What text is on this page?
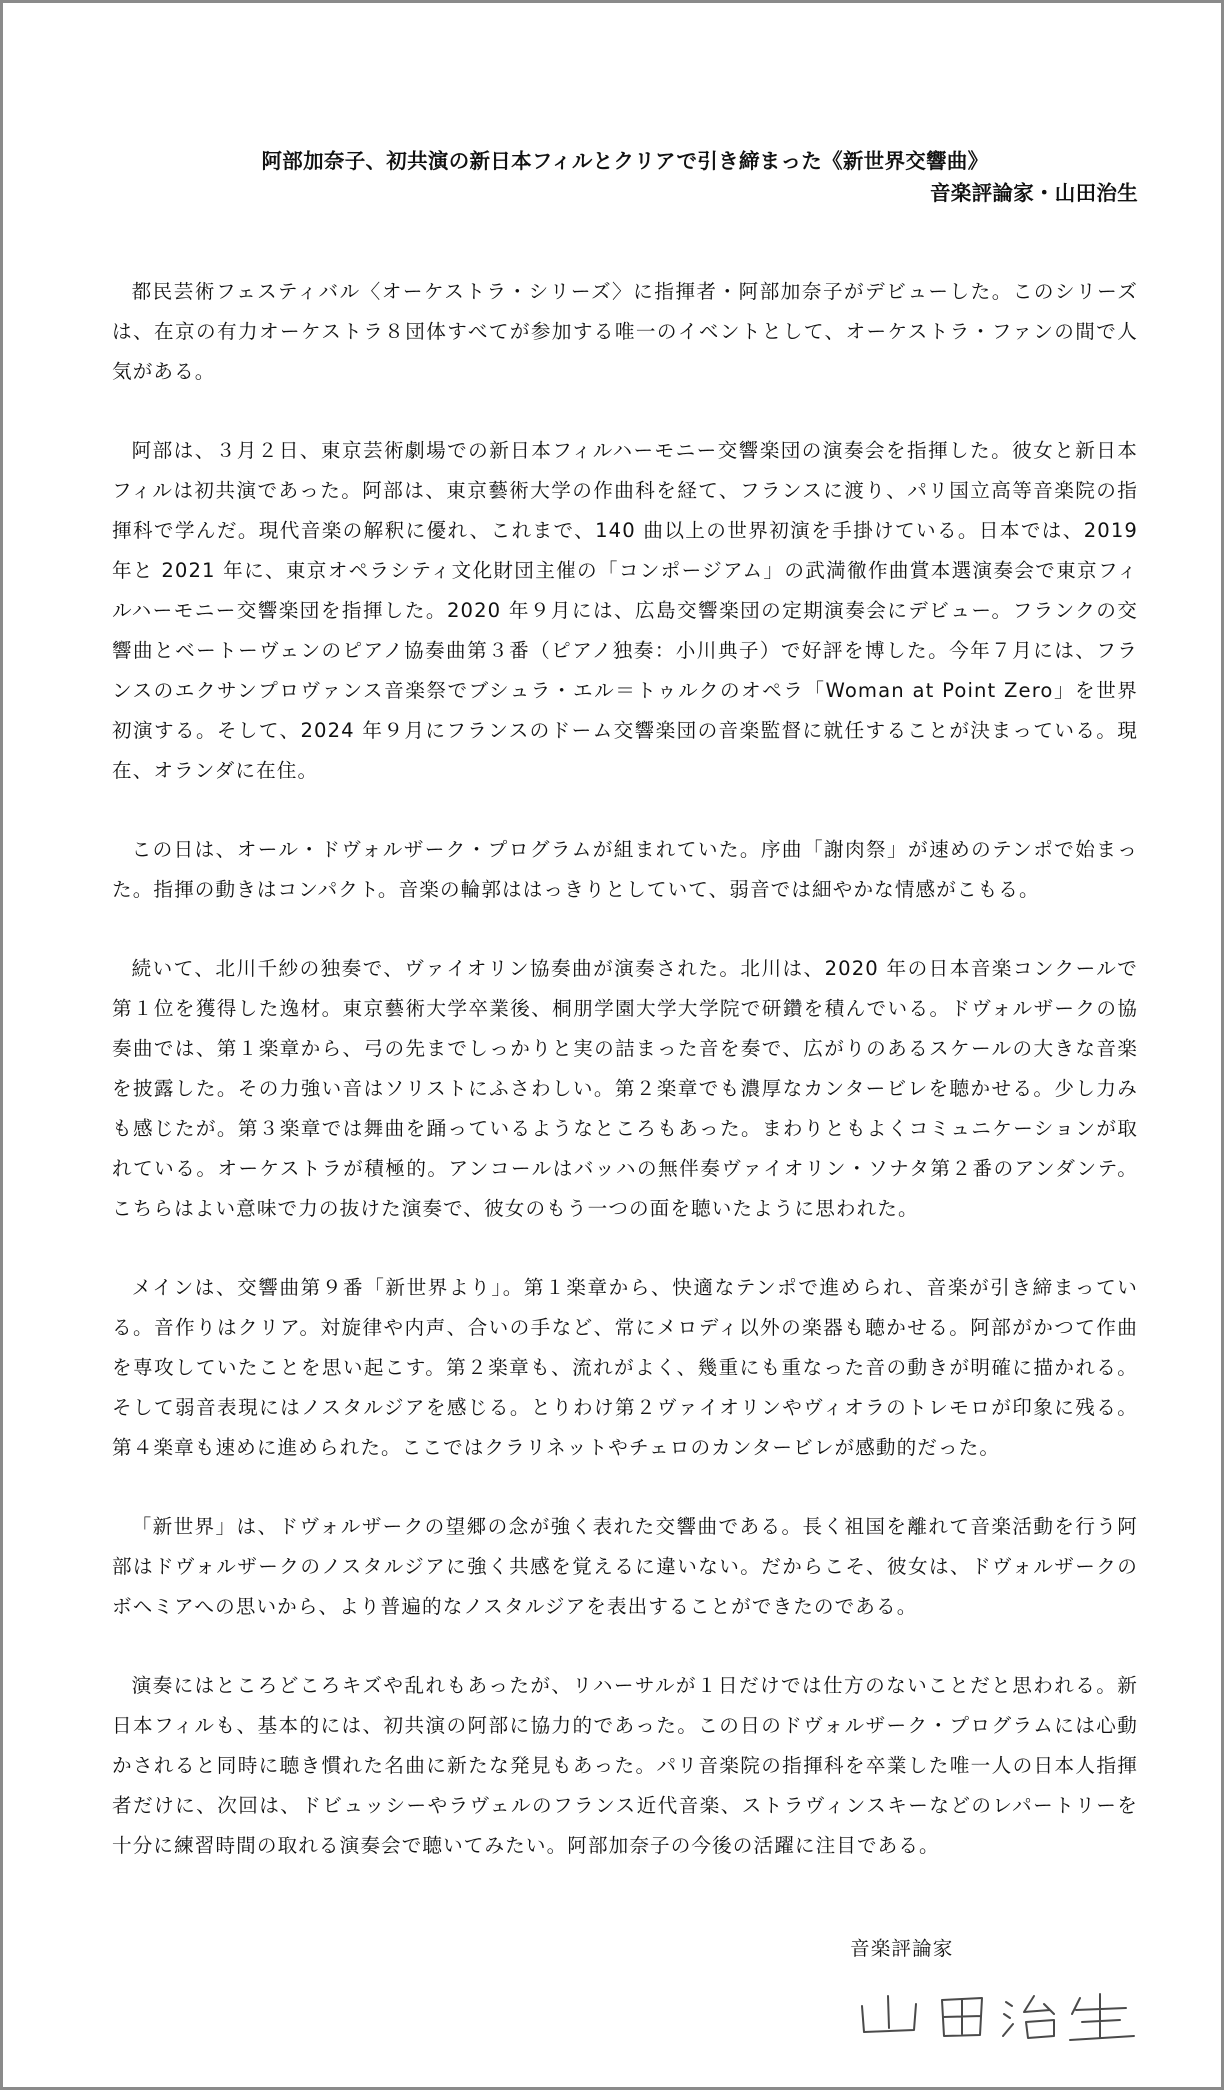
阿部加奈子、初共演の新日本フィルとクリアで引き締まった《新世界交響曲》

音楽評論家・山田治生

都民芸術フェスティバル〈オーケストラ・シリーズ〉に指揮者・阿部加奈子がデビューした。このシリーズは、在京の有力オーケストラ８団体すべてが参加する唯一のイベントとして、オーケストラ・ファンの間で人気がある。

阿部は、３月２日、東京芸術劇場での新日本フィルハーモニー交響楽団の演奏会を指揮した。彼女と新日本フィルは初共演であった。阿部は、東京藝術大学の作曲科を経て、フランスに渡り、パリ国立高等音楽院の指揮科で学んだ。現代音楽の解釈に優れ、これまで、140 曲以上の世界初演を手掛けている。日本では、2019 年と 2021 年に、東京オペラシティ文化財団主催の「コンポージアム」の武満徹作曲賞本選演奏会で東京フィルハーモニー交響楽団を指揮した。2020 年９月には、広島交響楽団の定期演奏会にデビュー。フランクの交響曲とベートーヴェンのピアノ協奏曲第３番（ピアノ独奏：小川典子）で好評を博した。今年７月には、フランスのエクサンプロヴァンス音楽祭でブシュラ・エル＝トゥルクのオペラ「Woman at Point Zero」を世界初演する。そして、2024 年９月にフランスのドーム交響楽団の音楽監督に就任することが決まっている。現在、オランダに在住。

この日は、オール・ドヴォルザーク・プログラムが組まれていた。序曲「謝肉祭」が速めのテンポで始まった。指揮の動きはコンパクト。音楽の輪郭ははっきりとしていて、弱音では細やかな情感がこもる。

続いて、北川千紗の独奏で、ヴァイオリン協奏曲が演奏された。北川は、2020 年の日本音楽コンクールで第１位を獲得した逸材。東京藝術大学卒業後、桐朋学園大学大学院で研鑽を積んでいる。ドヴォルザークの協奏曲では、第１楽章から、弓の先までしっかりと実の詰まった音を奏で、広がりのあるスケールの大きな音楽を披露した。その力強い音はソリストにふさわしい。第２楽章でも濃厚なカンタービレを聴かせる。少し力みも感じたが。第３楽章では舞曲を踊っているようなところもあった。まわりともよくコミュニケーションが取れている。オーケストラが積極的。アンコールはバッハの無伴奏ヴァイオリン・ソナタ第２番のアンダンテ。こちらはよい意味で力の抜けた演奏で、彼女のもう一つの面を聴いたように思われた。

メインは、交響曲第９番「新世界より」。第１楽章から、快適なテンポで進められ、音楽が引き締まっている。音作りはクリア。対旋律や内声、合いの手など、常にメロディ以外の楽器も聴かせる。阿部がかつて作曲を専攻していたことを思い起こす。第２楽章も、流れがよく、幾重にも重なった音の動きが明確に描かれる。そして弱音表現にはノスタルジアを感じる。とりわけ第２ヴァイオリンやヴィオラのトレモロが印象に残る。第４楽章も速めに進められた。ここではクラリネットやチェロのカンタービレが感動的だった。

「新世界」は、ドヴォルザークの望郷の念が強く表れた交響曲である。長く祖国を離れて音楽活動を行う阿部はドヴォルザークのノスタルジアに強く共感を覚えるに違いない。だからこそ、彼女は、ドヴォルザークのボヘミアへの思いから、より普遍的なノスタルジアを表出することができたのである。

演奏にはところどころキズや乱れもあったが、リハーサルが１日だけでは仕方のないことだと思われる。新日本フィルも、基本的には、初共演の阿部に協力的であった。この日のドヴォルザーク・プログラムには心動かされると同時に聴き慣れた名曲に新たな発見もあった。パリ音楽院の指揮科を卒業した唯一人の日本人指揮者だけに、次回は、ドビュッシーやラヴェルのフランス近代音楽、ストラヴィンスキーなどのレパートリーを十分に練習時間の取れる演奏会で聴いてみたい。阿部加奈子の今後の活躍に注目である。

音楽評論家
